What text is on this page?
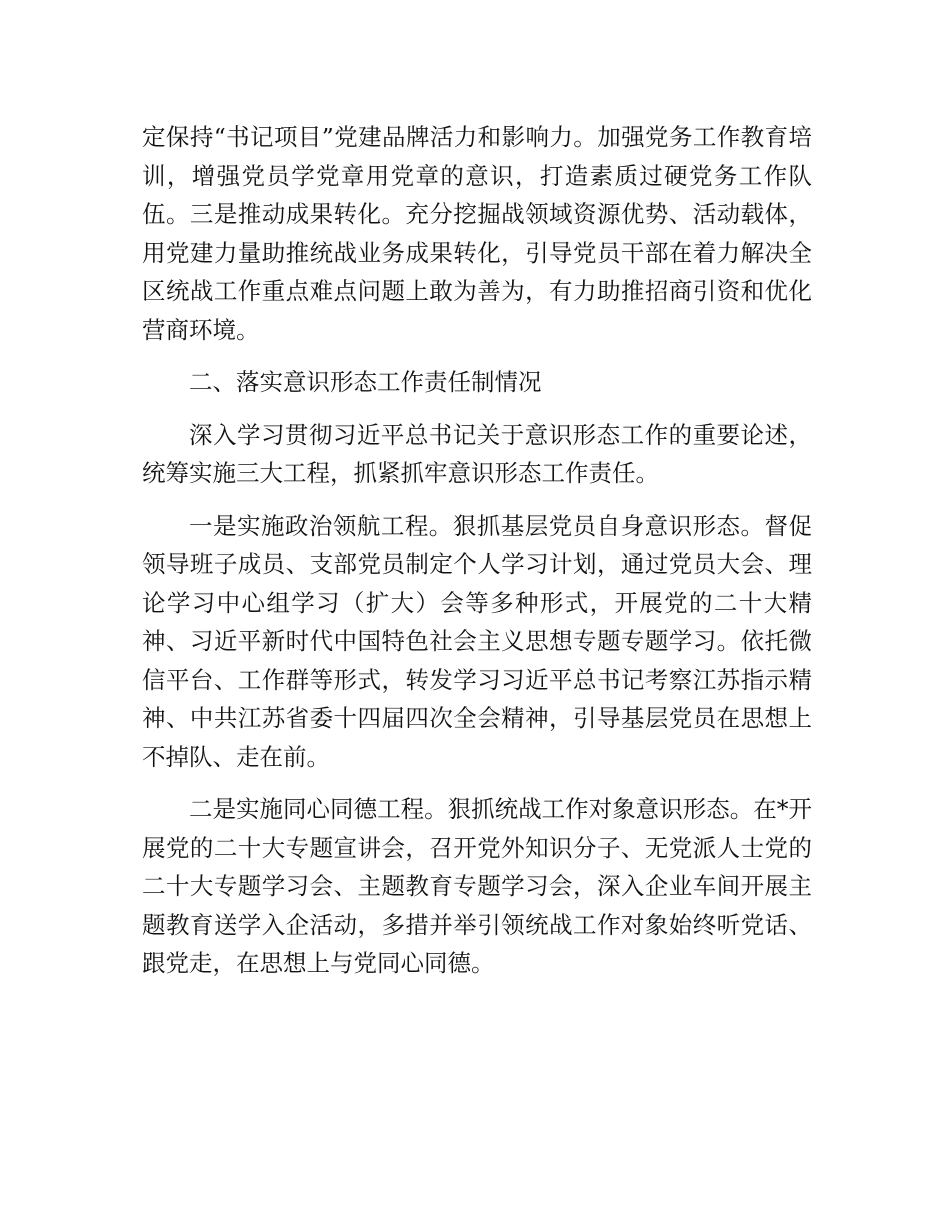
定保持“书记项目”党建品牌活力和影响力。加强党务工作教育培训，增强党员学党章用党章的意识，打造素质过硬党务工作队伍。三是推动成果转化。充分挖掘战领域资源优势、活动载体，用党建力量助推统战业务成果转化，引导党员干部在着力解决全区统战工作重点难点问题上敢为善为，有力助推招商引资和优化营商环境。

二、落实意识形态工作责任制情况

深入学习贯彻习近平总书记关于意识形态工作的重要论述，统筹实施三大工程，抓紧抓牢意识形态工作责任。

一是实施政治领航工程。狠抓基层党员自身意识形态。督促领导班子成员、支部党员制定个人学习计划，通过党员大会、理论学习中心组学习（扩大）会等多种形式，开展党的二十大精神、习近平新时代中国特色社会主义思想专题专题学习。依托微信平台、工作群等形式，转发学习习近平总书记考察江苏指示精神、中共江苏省委十四届四次全会精神，引导基层党员在思想上不掉队、走在前。

二是实施同心同德工程。狠抓统战工作对象意识形态。在*开展党的二十大专题宣讲会，召开党外知识分子、无党派人士党的二十大专题学习会、主题教育专题学习会，深入企业车间开展主题教育送学入企活动，多措并举引领统战工作对象始终听党话、跟党走，在思想上与党同心同德。
